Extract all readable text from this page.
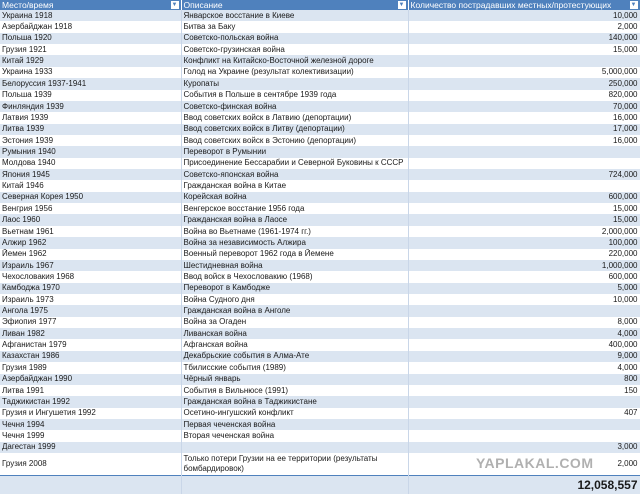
Место/время ▼	Описание ▼	Количество пострадавших местных/протестующих ▼

Украина 1918	Январское восстание в Киеве	10,000
Азербайджан 1918	Битва за Баку	2,000
Польша 1920	Советско-польская война	140,000
Грузия 1921	Советско-грузинская война	15,000
Китай 1929	Конфликт на Китайско-Восточной железной дороге	
Украина 1933	Голод на Украине (результат колективизации)	5,000,000
Белоруссия 1937-1941	Куропаты	250,000
Польша 1939	События в Польше в сентябре 1939 года	820,000
Финляндия 1939	Советско-финская война	70,000
Латвия 1939	Ввод советских войск в Латвию (депортации)	16,000
Литва 1939	Ввод советских войск в Литву (депортации)	17,000
Эстония 1939	Ввод советских войск в Эстонию (депортации)	16,000
Румыния 1940	Переворот в Румынии	
Молдова 1940	Присоединение Бессарабии и Северной Буковины к СССР	
Япония 1945	Советско-японская война	724,000
Китай 1946	Гражданская война в Китае	
Северная Корея 1950	Корейская война	600,000
Венгрия 1956	Венгерское восстание 1956 года	15,000
Лаос 1960	Гражданская война в Лаосе	15,000
Вьетнам 1961	Война во Вьетнаме (1961-1974 гг.)	2,000,000
Алжир 1962	Война за независимость Алжира	100,000
Йемен 1962	Военный переворот 1962 года в Йемене	220,000
Израиль 1967	Шестидневная война	1,000,000
Чехословакия 1968	Ввод войск в Чехословакию (1968)	600,000
Камбоджа 1970	Переворот в Камбодже	5,000
Израиль 1973	Война Судного дня	10,000
Ангола 1975	Гражданская война в Анголе	
Эфиопия 1977	Война за Огаден	8,000
Ливан 1982	Ливанская война	4,000
Афганистан 1979	Афганская война	400,000
Казахстан 1986	Декабрьские события в Алма-Ате	9,000
Грузия 1989	Тбилисские события (1989)	4,000
Азербайджан 1990	Чёрный январь	800
Литва 1991	События в Вильнюсе (1991)	150
Таджикистан 1992	Гражданская война в Таджикистане	
Грузия и Ингушетия 1992	Осетино-ингушский конфликт	407
Чечня 1994	Первая чеченская война	
Чечня 1999	Вторая чеченская война	
Дагестан 1999		3,000
Грузия 2008	Только потери Грузии на ее территории (результаты бомбардировок)	2,000
		12,058,557
YAPLAKAL.COM
